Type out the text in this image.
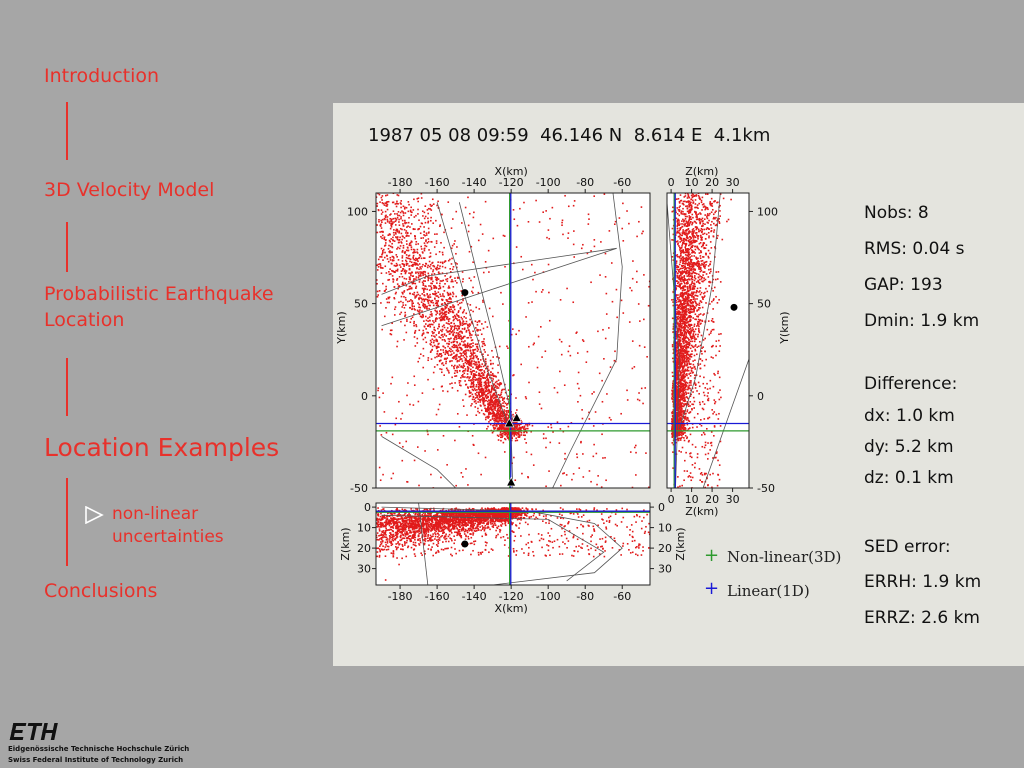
Introduction
3D Velocity Model
Probabilistic Earthquake
Location
Location Examples
non-linear
uncertainties
Conclusions
1987 05 08 09:59  46.146 N  8.614 E  4.1km
-180
-180
-160
-160
-140
-140
-120
-120
-100
-100
-80
-80
-60
-60
X(km)
X(km)
100	100
50	50
0	0
-50	-50
Y(km)	Y(km)
0
0
0	0
10
10
10	10
20
20
20	20
30
30
30	30
Z(km)
Z(km)
Z(km)	Z(km) + Non-linear(3D)
+ Linear(1D)
Nobs: 8
RMS: 0.04 s
GAP: 193
Dmin: 1.9 km
Difference:
dx: 1.0 km
dy: 5.2 km
dz: 0.1 km
SED error:
ERRH: 1.9 km
ERRZ: 2.6 km
Eidgenössische Technische Hochschule Zürich
Swiss Federal Institute of Technology Zurich
